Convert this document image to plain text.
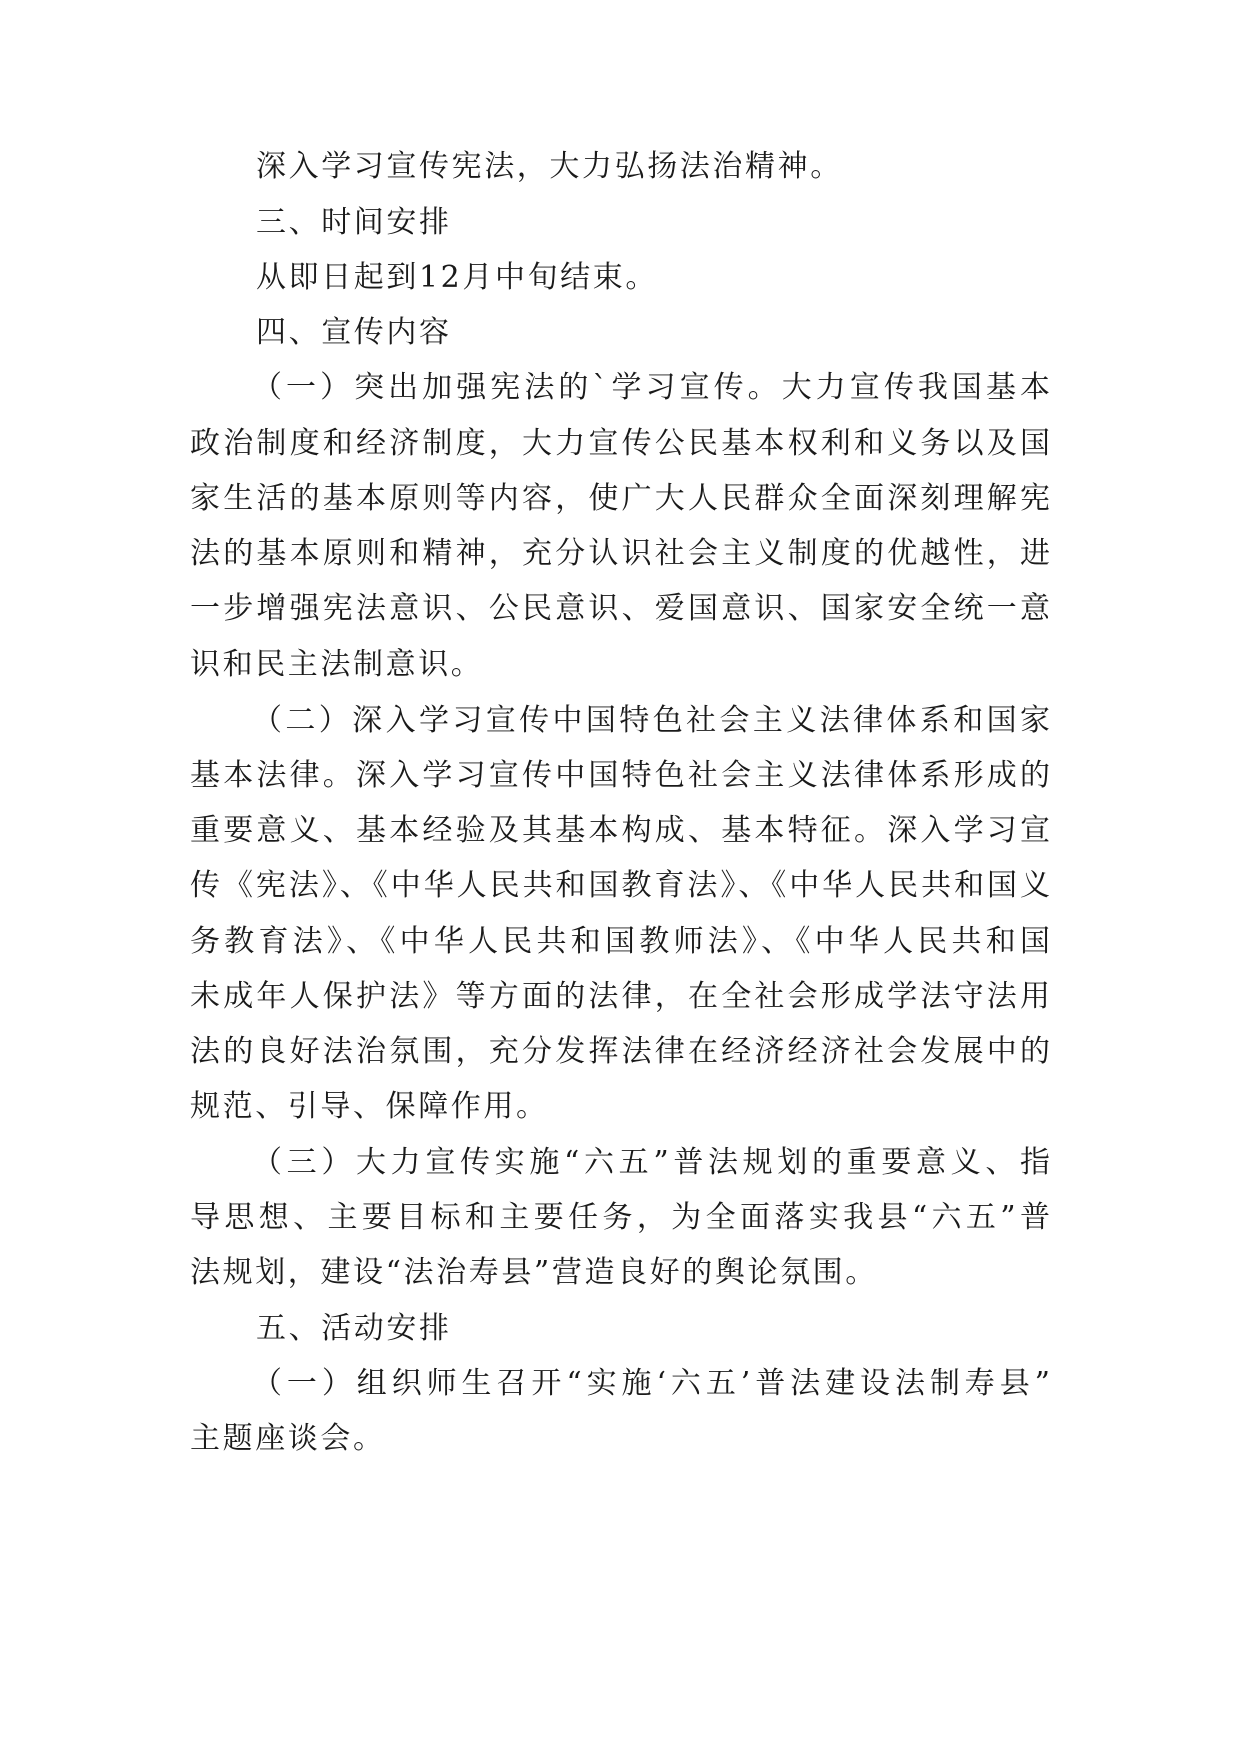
深入学习宣传宪法，大力弘扬法治精神。
三、时间安排
从即日起到12月中旬结束。
四、宣传内容
（一）突出加强宪法的`学习宣传。大力宣传我国基本
政治制度和经济制度，大力宣传公民基本权利和义务以及国
家生活的基本原则等内容，使广大人民群众全面深刻理解宪
法的基本原则和精神，充分认识社会主义制度的优越性，进
一步增强宪法意识、公民意识、爱国意识、国家安全统一意
识和民主法制意识。
（二）深入学习宣传中国特色社会主义法律体系和国家
基本法律。深入学习宣传中国特色社会主义法律体系形成的
重要意义、基本经验及其基本构成、基本特征。深入学习宣
传《宪法》、《中华人民共和国教育法》、《中华人民共和国义
务教育法》、《中华人民共和国教师法》、《中华人民共和国
未成年人保护法》等方面的法律，在全社会形成学法守法用
法的良好法治氛围，充分发挥法律在经济经济社会发展中的
规范、引导、保障作用。
（三）大力宣传实施“六五”普法规划的重要意义、指
导思想、主要目标和主要任务，为全面落实我县“六五”普
法规划，建设“法治寿县”营造良好的舆论氛围。
五、活动安排
（一）组织师生召开“实施‘六五’普法建设法制寿县”
主题座谈会。
